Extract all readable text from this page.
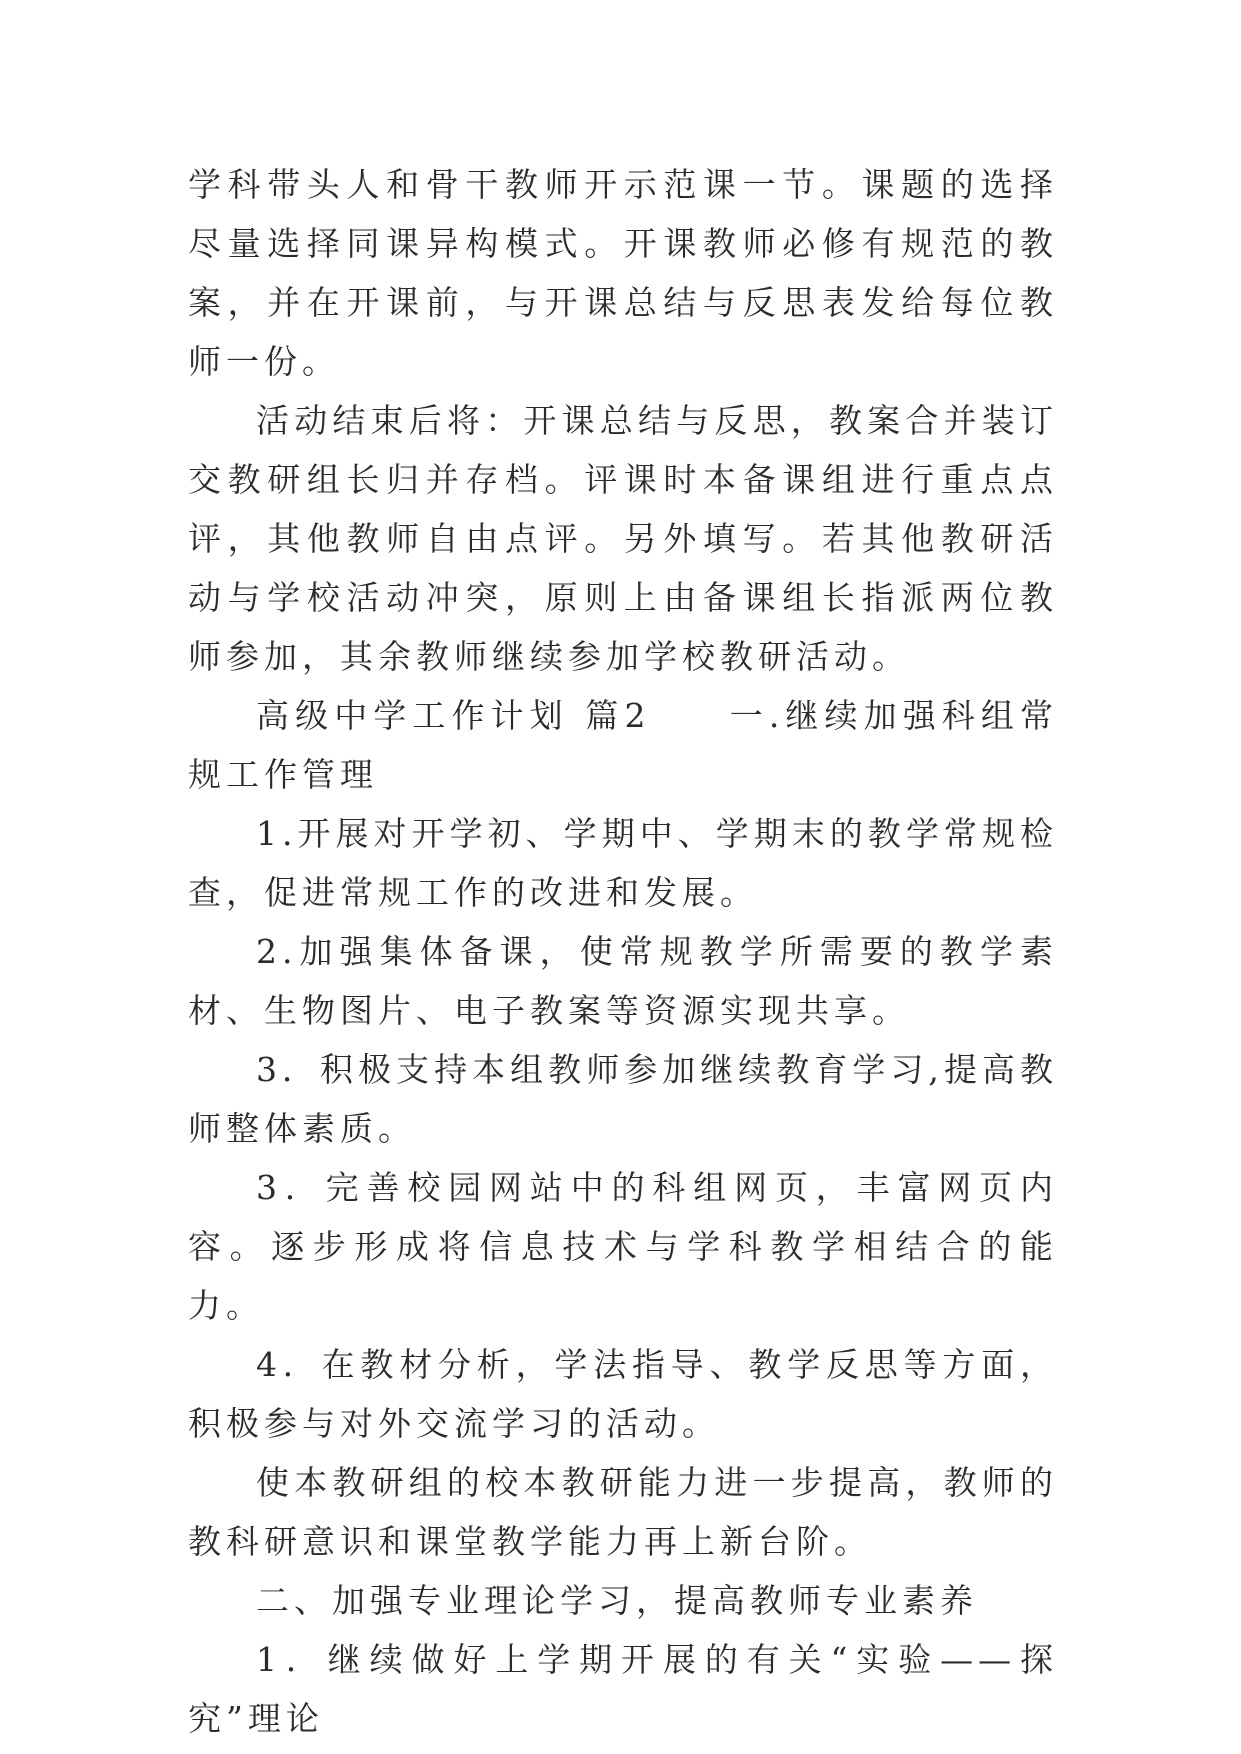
学科带头人和骨干教师开示范课一节。课题的选择尽量选择同课异构模式。开课教师必修有规范的教案，并在开课前，与开课总结与反思表发给每位教师一份。

活动结束后将：开课总结与反思，教案合并装订交教研组长归并存档。评课时本备课组进行重点点评，其他教师自由点评。另外填写。若其他教研活动与学校活动冲突，原则上由备课组长指派两位教师参加，其余教师继续参加学校教研活动。

高级中学工作计划 篇2　　一.继续加强科组常规工作管理

1.开展对开学初、学期中、学期末的教学常规检查，促进常规工作的改进和发展。

2.加强集体备课，使常规教学所需要的教学素材、生物图片、电子教案等资源实现共享。

3．积极支持本组教师参加继续教育学习,提高教师整体素质。

3．完善校园网站中的科组网页，丰富网页内容。逐步形成将信息技术与学科教学相结合的能力。

4．在教材分析，学法指导、教学反思等方面，积极参与对外交流学习的活动。

使本教研组的校本教研能力进一步提高，教师的教科研意识和课堂教学能力再上新台阶。

二、加强专业理论学习，提高教师专业素养

1．继续做好上学期开展的有关“实验——探究”理论
